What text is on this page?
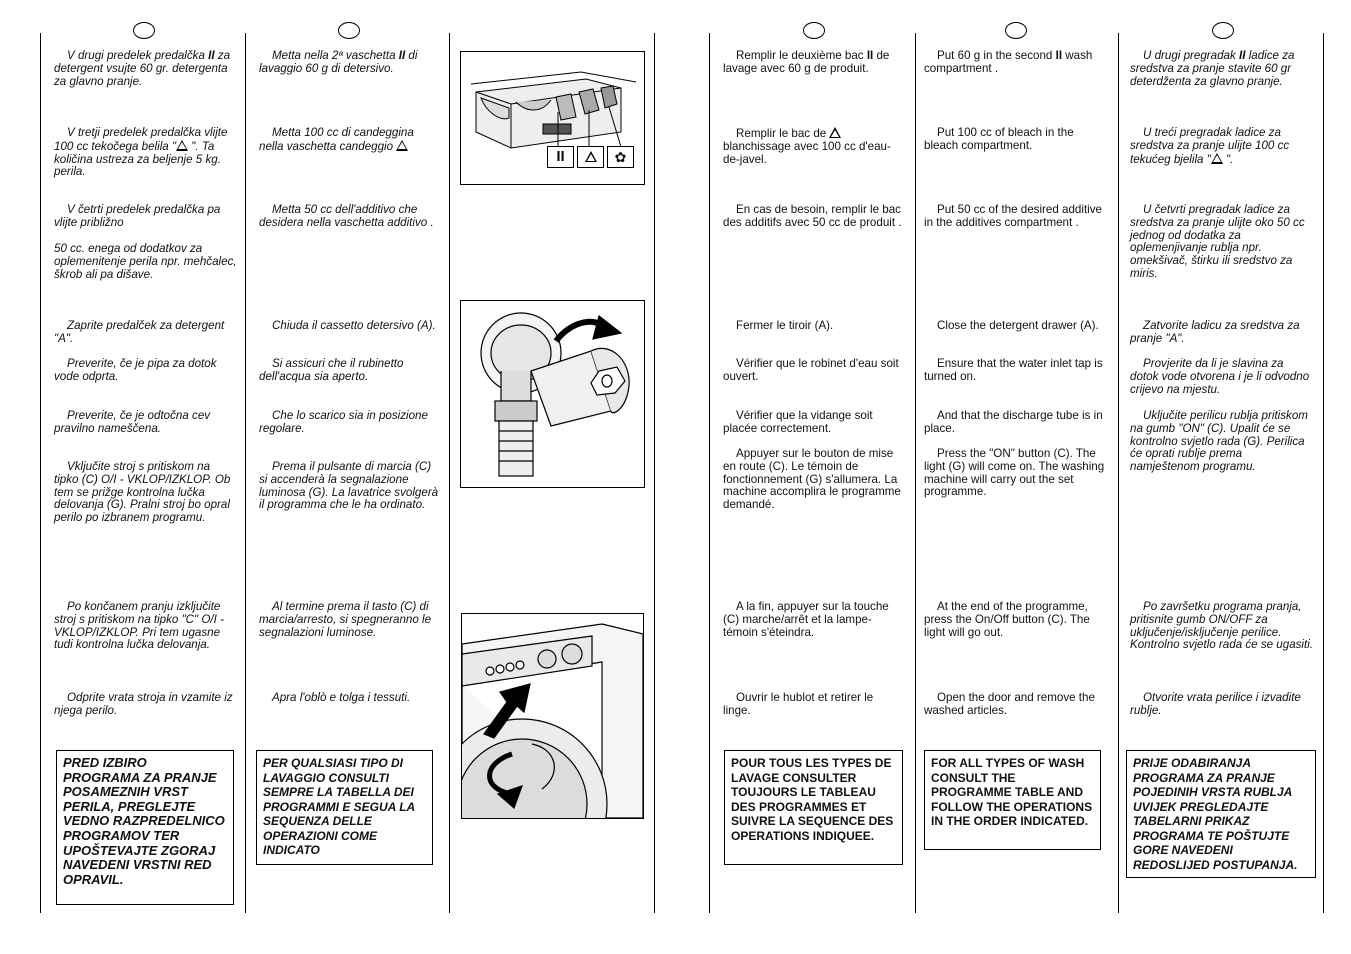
V drugi predelek predalčka II za detergent vsujte 60 gr. detergenta za glavno pranje.

V tretji predelek predalčka vlijte 100 cc tekočega belila " ". Ta količina ustreza za beljenje 5 kg. perila.

V četrti predelek predalčka pa vlijte približno

50 cc. enega od dodatkov za oplemenitenje perila npr. mehčalec, škrob ali pa dišave.

Zaprite predalček za detergent "A".

Preverite, če je pipa za dotok vode odprta.

Preverite, če je odtočna cev pravilno nameščena.

Vključite stroj s pritiskom na tipko (C) O/I - VKLOP/IZKLOP. Ob tem se prižge kontrolna lučka delovanja (G). Pralni stroj bo opral perilo po izbranem programu.

Po končanem pranju izključite stroj s pritiskom na tipko "C" O/I - VKLOP/IZKLOP. Pri tem ugasne tudi kontrolna lučka delovanja.

Odprite vrata stroja in vzamite iz njega perilo.

PRED IZBIRO PROGRAMA ZA PRANJE POSAMEZNIH VRST PERILA, PREGLEJTE VEDNO RAZPREDELNICO PROGRAMOV TER UPOŠTEVAJTE ZGORAJ NAVEDENI VRSTNI RED OPRAVIL.

Metta nella 2ª vaschetta II di lavaggio 60 g di detersivo.

Metta 100 cc di candeggina nella vaschetta candeggio

Metta 50 cc dell'additivo che desidera nella vaschetta additivo .

Chiuda il cassetto detersivo (A).

Si assicuri che il rubinetto dell'acqua sia aperto.

Che lo scarico sia in posizione regolare.

Prema il pulsante di marcia (C) si accenderà la segnalazione luminosa (G). La lavatrice svolgerà il programma che le ha ordinato.

Al termine prema il tasto (C) di marcia/arresto, si spegneranno le segnalazioni luminose.

Apra l'oblò e tolga i tessuti.

PER QUALSIASI TIPO DI LAVAGGIO CONSULTI SEMPRE LA TABELLA DEI PROGRAMMI E SEGUA LA SEQUENZA DELLE OPERAZIONI COME INDICATO
II	✿

Remplir le deuxième bac II de lavage avec 60 g de produit.

Remplir le bac de  blanchissage avec 100 cc d'eau-de-javel.

En cas de besoin, remplir le bac des additifs avec 50 cc de produit .

Fermer le tiroir (A).

Vérifier que le robinet d'eau soit ouvert.

Vérifier que la vidange soit placée correctement.

Appuyer sur le bouton de mise en route (C). Le témoin de fonctionnement (G) s'allumera. La machine accomplira le programme demandé.

A la fin, appuyer sur la touche (C) marche/arrêt et la lampe-témoin s'éteindra.

Ouvrir le hublot et retirer le linge.

POUR TOUS LES TYPES DE LAVAGE CONSULTER TOUJOURS LE TABLEAU DES PROGRAMMES ET SUIVRE LA SEQUENCE DES OPERATIONS INDIQUEE.

Put 60 g in the second II wash compartment .

Put 100 cc of bleach in the bleach compartment.

Put 50 cc of the desired additive in the additives compartment .

Close the detergent drawer (A).

Ensure that the water inlet tap is turned on.

And that the discharge tube is in place.

Press the "ON" button (C). The light (G) will come on. The washing machine will carry out the set programme.

At the end of the programme, press the On/Off button (C). The light will go out.

Open the door and remove the washed articles.

FOR ALL TYPES OF WASH CONSULT THE PROGRAMME TABLE AND FOLLOW THE OPERATIONS IN THE ORDER INDICATED.

U drugi pregradak II ladice za sredstva za pranje stavite 60 gr deterdženta za glavno pranje.

U treći pregradak ladice za sredstva za pranje ulijte 100 cc tekućeg bjelila " ".

U četvrti pregradak ladice za sredstva za pranje ulijte oko 50 cc jednog od dodatka za oplemenjivanje rublja npr. omekšivač, štirku ili sredstvo za miris.

Zatvorite ladicu za sredstva za pranje "A".

Provjerite da li je slavina za dotok vode otvorena i je li odvodno crijevo na mjestu.

Uključite perilicu rublja pritiskom na gumb "ON" (C). Upalit će se kontrolno svjetlo rada (G). Perilica će oprati rublje prema namještenom programu.

Po završetku programa pranja, pritisnite gumb ON/OFF za uključenje/isključenje perilice. Kontrolno svjetlo rada će se ugasiti.

Otvorite vrata perilice i izvadite rublje.

PRIJE ODABIRANJA PROGRAMA ZA PRANJE POJEDINIH VRSTA RUBLJA UVIJEK PREGLEDAJTE TABELARNI PRIKAZ PROGRAMA TE POŠTUJTE GORE NAVEDENI REDOSLIJED POSTUPANJA.
